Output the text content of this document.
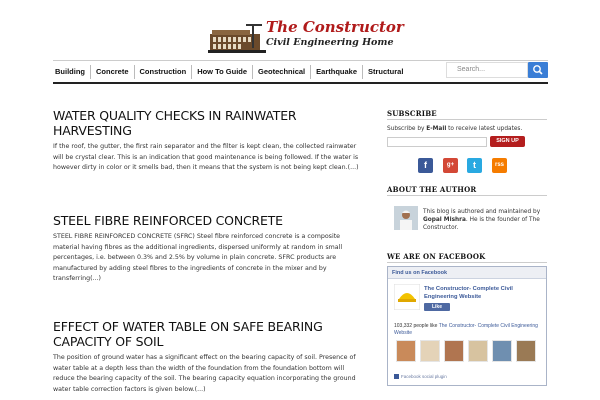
The Constructor
Civil Engineering Home
Building	Concrete	Construction	How To Guide	Geotechnical	Earthquake	Structural	Search...
WATER QUALITY CHECKS IN RAINWATER HARVESTING
If the roof, the gutter, the first rain separator and the filter is kept clean, the collected rainwater will be crystal clear. This is an indication that good maintenance is being followed. If the water is however dirty in color or it smells bad, then it means that the system is not being kept clean.(...)
STEEL FIBRE REINFORCED CONCRETE
STEEL FIBRE REINFORCED CONCRETE (SFRC) Steel fibre reinforced concrete is a composite material having fibres as the additional ingredients, dispersed uniformly at random in small percentages, i.e. between 0.3% and 2.5% by volume in plain concrete. SFRC products are manufactured by adding steel fibres to the ingredients of concrete in the mixer and by transferring(...)
EFFECT OF WATER TABLE ON SAFE BEARING CAPACITY OF SOIL
The position of ground water has a significant effect on the bearing capacity of soil. Presence of water table at a depth less than the width of the foundation from the foundation bottom will reduce the bearing capacity of the soil. The bearing capacity equation incorporating the ground water table correction factors is given below.(...)
SUBSCRIBE
Subscribe by E-Mail to receive latest updates.
SIGN UP
f	g+	t	rss
ABOUT THE AUTHOR
This blog is authored and maintained by Gopal Mishra. He is the founder of The Constructor.
WE ARE ON FACEBOOK
Find us on Facebook
The Constructor- Complete Civil Engineering Website
Like
103,332 people like The Constructor- Complete Civil Engineering Website
Facebook social plugin
